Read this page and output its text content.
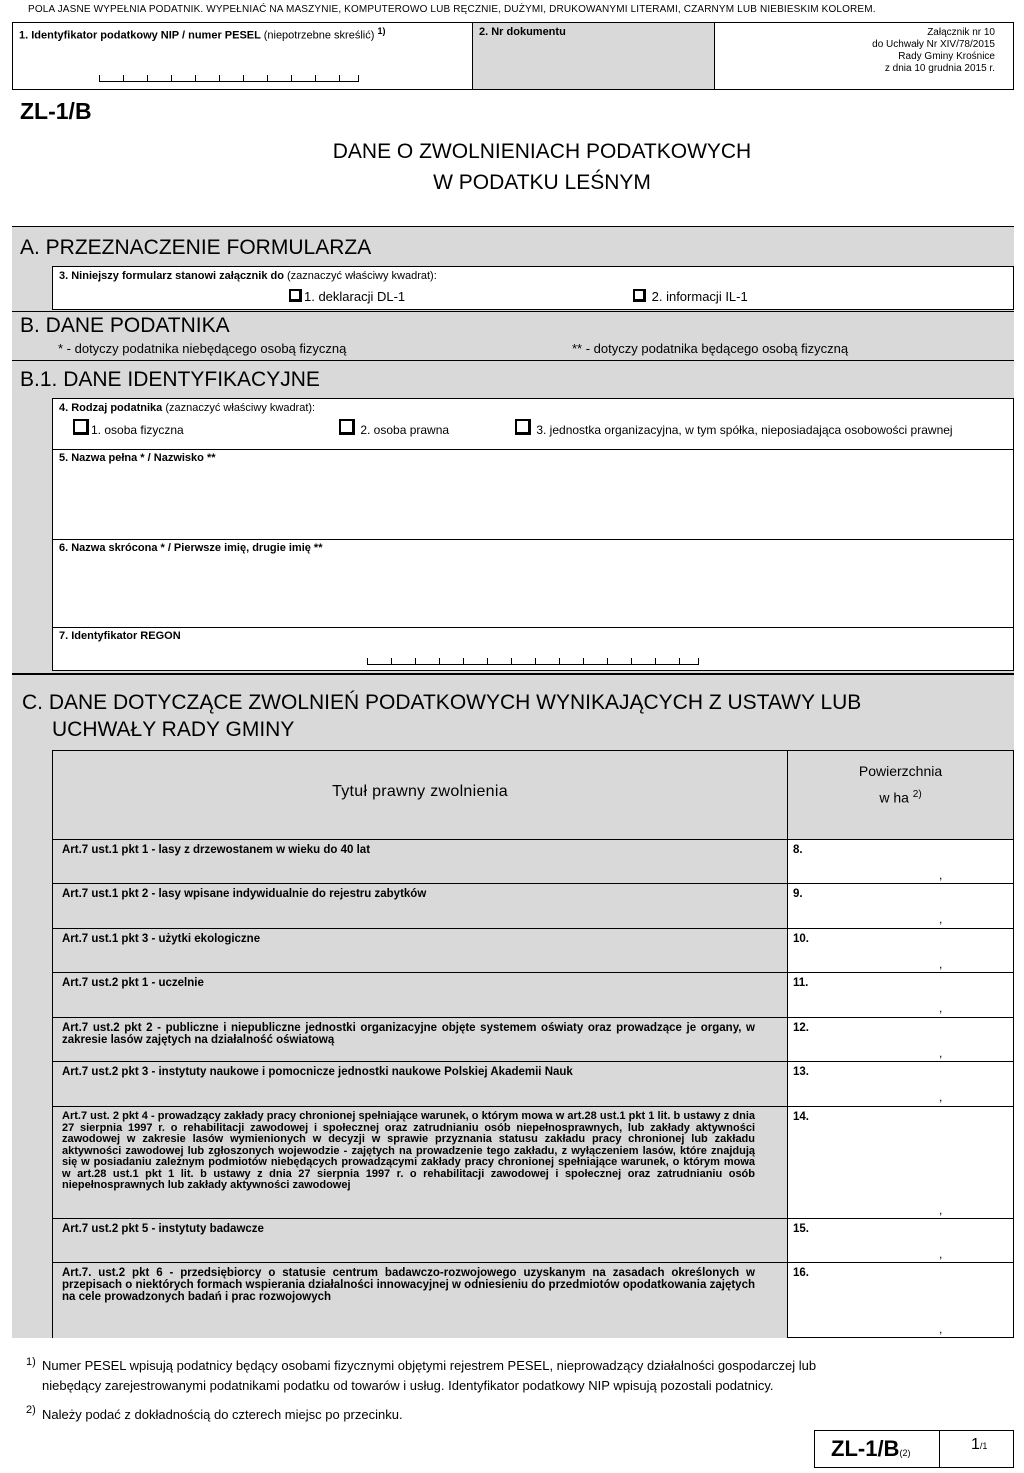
POLA JASNE WYPEŁNIA PODATNIK. WYPEŁNIAĆ NA MASZYNIE, KOMPUTEROWO LUB RĘCZNIE, DUŻYMI, DRUKOWANYMI LITERAMI, CZARNYM LUB NIEBIESKIM KOLOREM.
1. Identyfikator podatkowy NIP / numer PESEL (niepotrzebne skreślić) $^{1)}$	2. Nr dokumentu	Załącznik nr 10
do Uchwały Nr XIV/78/2015
Rady Gminy Krośnice
z dnia 10 grudnia 2015 r.
ZL-1/B
DANE O ZWOLNIENIACH PODATKOWYCH
W PODATKU LEŚNYM
A. PRZEZNACZENIE FORMULARZA
3. Niniejszy formularz stanowi załącznik do (zaznaczyć właściwy kwadrat):
1. deklaracji DL-1	2. informacji IL-1
B. DANE PODATNIKA
* - dotyczy podatnika niebędącego osobą fizyczną	** - dotyczy podatnika będącego osobą fizyczną
B.1. DANE IDENTYFIKACYJNE
4. Rodzaj podatnika (zaznaczyć właściwy kwadrat):
1. osoba fizyczna	2. osoba prawna	3. jednostka organizacyjna, w tym spółka, nieposiadająca osobowości prawnej
5. Nazwa pełna * / Nazwisko **
6. Nazwa skrócona * / Pierwsze imię, drugie imię **
7. Identyfikator REGON
C. DANE DOTYCZĄCE ZWOLNIEŃ PODATKOWYCH WYNIKAJĄCYCH Z USTAWY LUB
UCHWAŁY RADY GMINY
Tytuł prawny zwolnienia
Powierzchnia
w ha $^{2)}$
Art.7 ust.1 pkt 1 - lasy z drzewostanem w wieku do 40 lat	8.
,
Art.7 ust.1 pkt 2 - lasy wpisane indywidualnie do rejestru zabytków	9.
,
Art.7 ust.1 pkt 3 - użytki ekologiczne	10.
,
Art.7 ust.2 pkt 1 - uczelnie	11.
,
Art.7 ust.2 pkt 2 - publiczne i niepubliczne jednostki organizacyjne objęte systemem oświaty oraz prowadzące je organy, w zakresie lasów zajętych na działalność oświatową
12.
,
Art.7 ust.2 pkt 3 - instytuty naukowe i pomocnicze jednostki naukowe Polskiej Akademii Nauk	13.
,
Art.7 ust. 2 pkt 4 - prowadzący zakłady pracy chronionej spełniające warunek, o którym mowa w art.28 ust.1 pkt 1 lit. b ustawy z dnia 27 sierpnia 1997 r. o rehabilitacji zawodowej i społecznej oraz zatrudnianiu osób niepełnosprawnych, lub zakłady aktywności zawodowej w zakresie lasów wymienionych w decyzji w sprawie przyznania statusu zakładu pracy chronionej lub zakładu aktywności zawodowej lub zgłoszonych wojewodzie - zajętych na prowadzenie tego zakładu, z wyłączeniem lasów, które znajdują się w posiadaniu zależnym podmiotów niebędących prowadzącymi zakłady pracy chronionej spełniające warunek, o którym mowa w art.28 ust.1 pkt 1 lit. b ustawy z dnia 27 sierpnia 1997 r. o rehabilitacji zawodowej i społecznej oraz zatrudnianiu osób niepełnosprawnych lub zakłady aktywności zawodowej
14.
,
Art.7 ust.2 pkt 5 - instytuty badawcze	15.
,
Art.7. ust.2 pkt 6 - przedsiębiorcy o statusie centrum badawczo-rozwojowego uzyskanym na zasadach określonych w przepisach o niektórych formach wspierania działalności innowacyjnej w odniesieniu do przedmiotów opodatkowania zajętych na cele prowadzonych badań i prac rozwojowych
16.
,
1) Numer PESEL wpisują podatnicy będący osobami fizycznymi objętymi rejestrem PESEL, nieprowadzący działalności gospodarczej lub
niebędący zarejestrowanymi podatnikami podatku od towarów i usług. Identyfikator podatkowy NIP wpisują pozostali podatnicy.
2) Należy podać z dokładnością do czterech miejsc po przecinku.
ZL-1/B(2)	1/1
